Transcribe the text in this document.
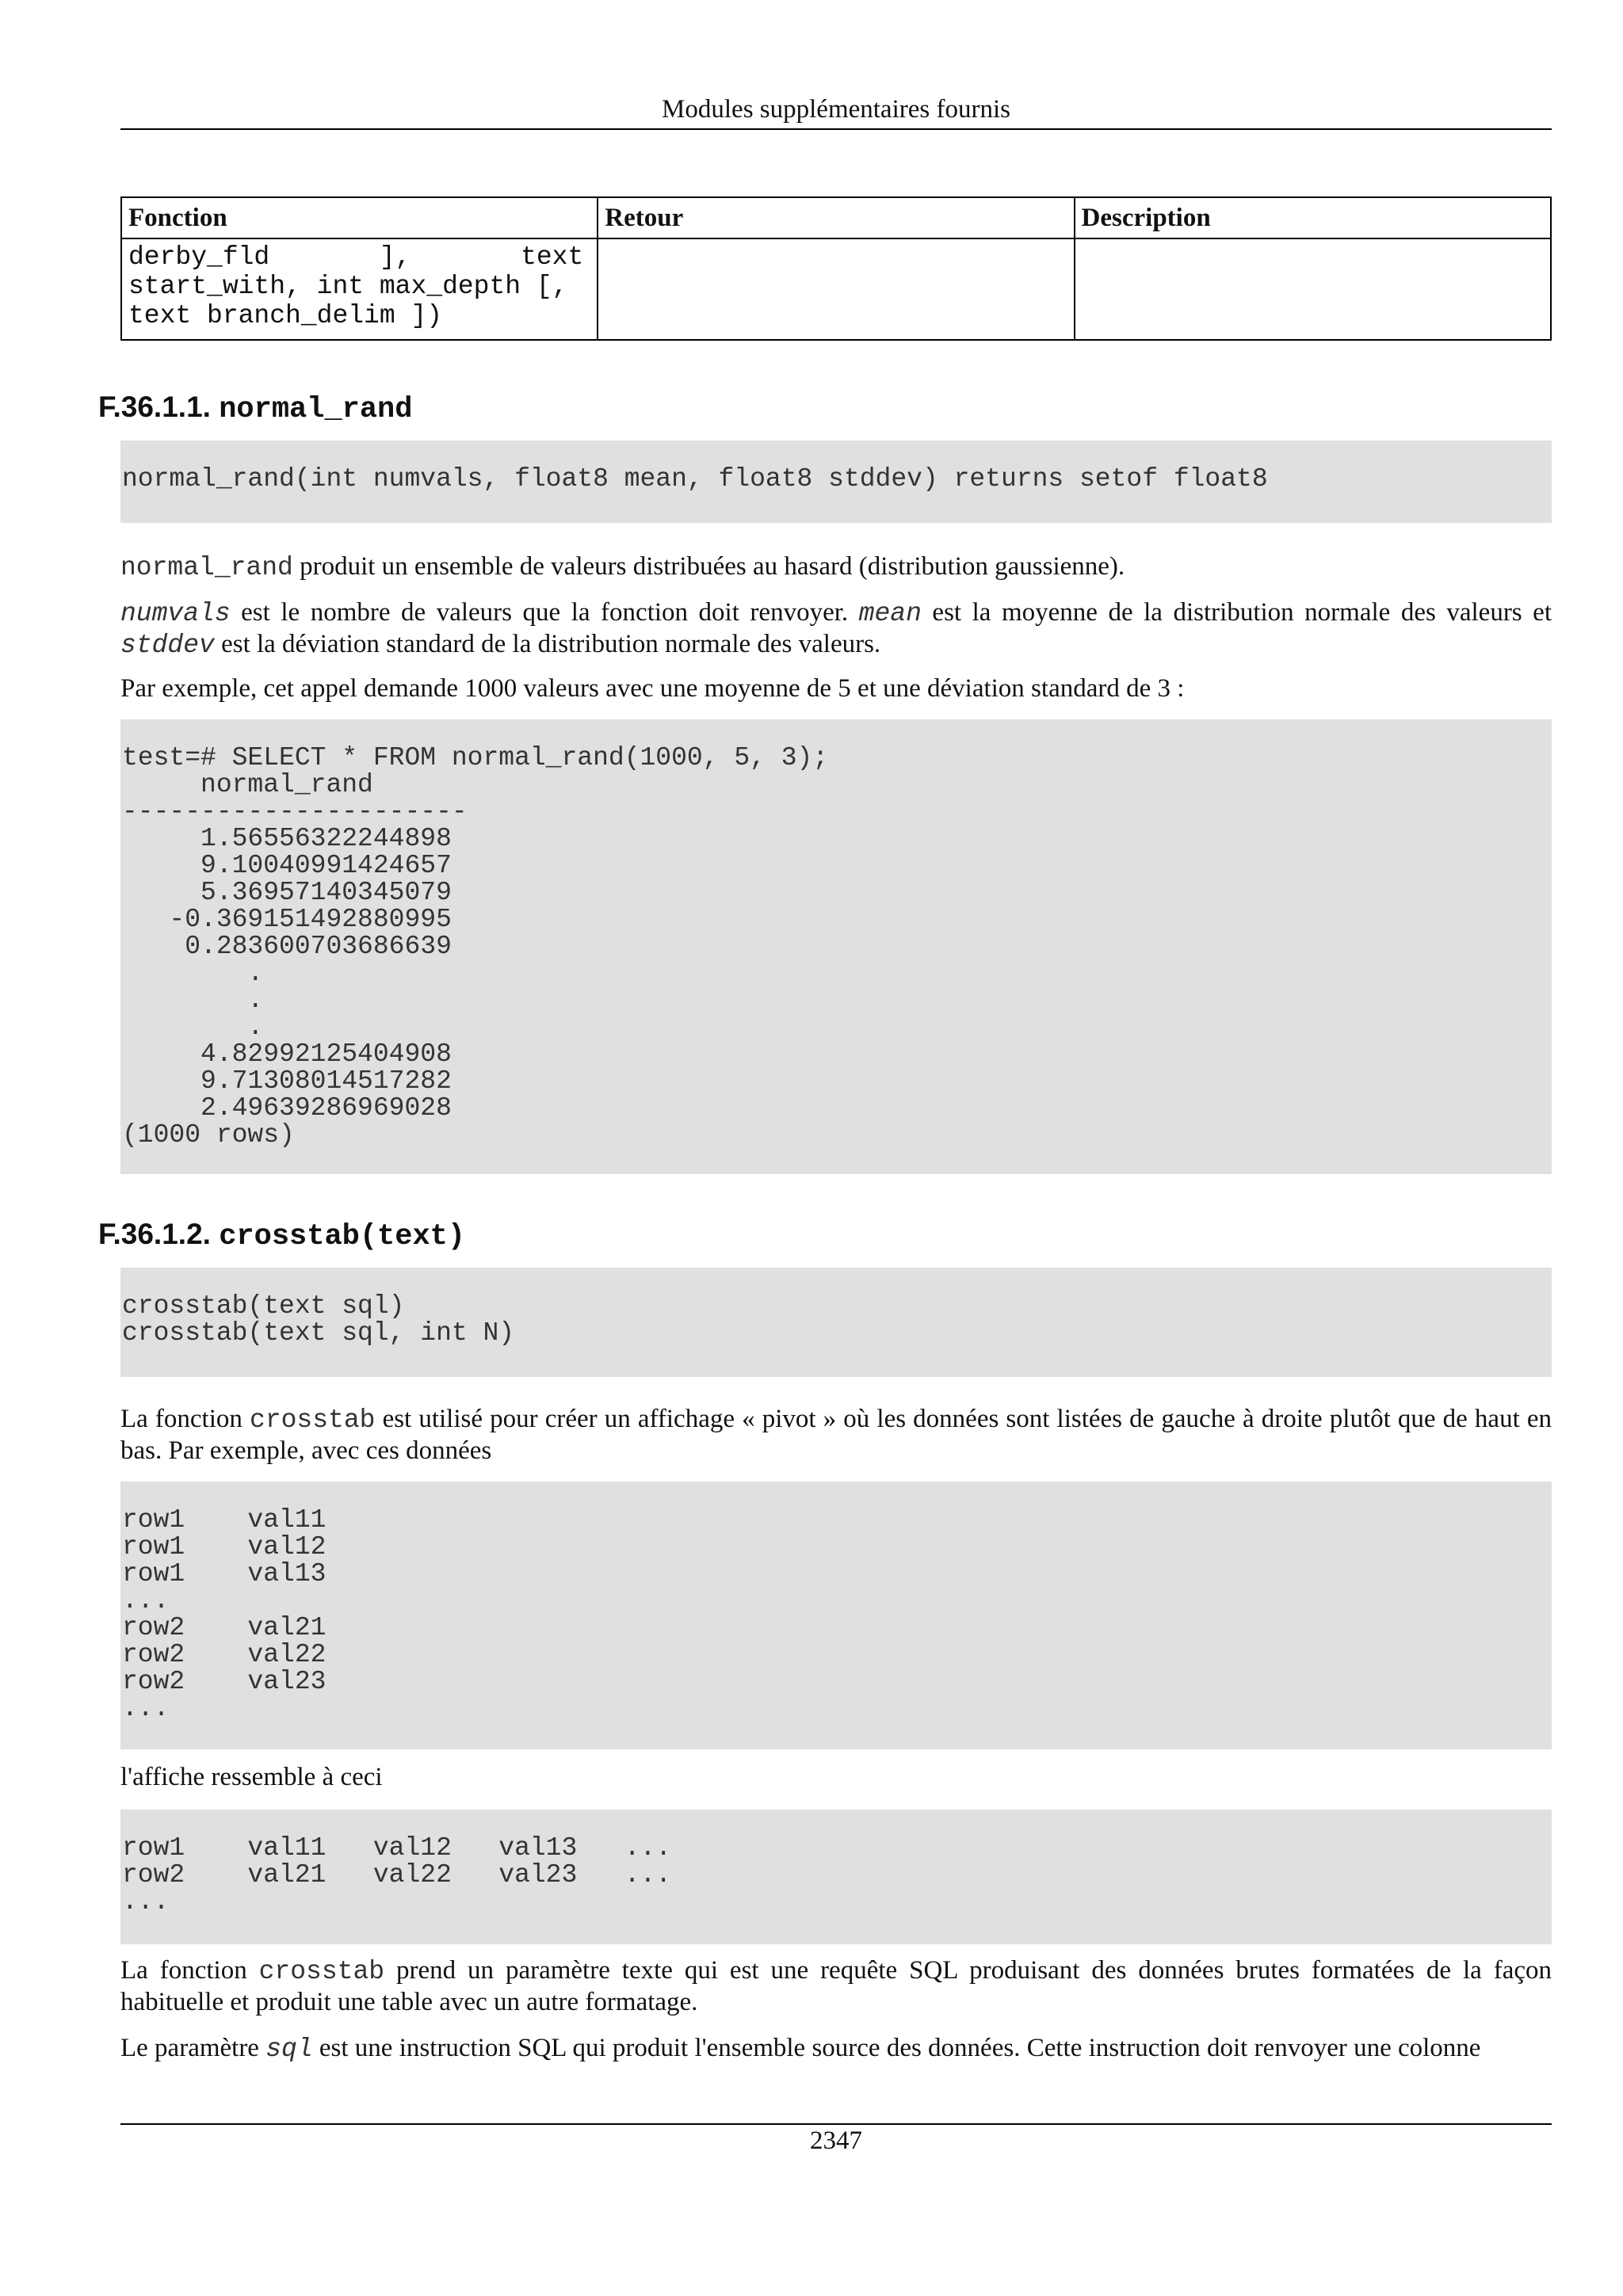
Modules supplémentaires fournis
Fonction	Retour	Description

derby_fld       ],       text
start_with, int max_depth [,
text branch_delim ])		

F.36.1.1. normal_rand
normal_rand(int numvals, float8 mean, float8 stddev) returns setof float8

normal_rand produit un ensemble de valeurs distribuées au hasard (distribution gaussienne).

numvals est le nombre de valeurs que la fonction doit renvoyer. mean est la moyenne de la distribution normale des valeurs et stddev est la déviation standard de la distribution normale des valeurs.

Par exemple, cet appel demande 1000 valeurs avec une moyenne de 5 et une déviation standard de 3 :

test=# SELECT * FROM normal_rand(1000, 5, 3);
normal_rand
----------------------
1.56556322244898
9.10040991424657
5.36957140345079
-0.369151492880995
0.283600703686639
.
.
.
4.82992125404908
9.71308014517282
2.49639286969028
(1000 rows)
F.36.1.2. crosstab(text)
crosstab(text sql)
crosstab(text sql, int N)

La fonction crosstab est utilisé pour créer un affichage « pivot » où les données sont listées de gauche à droite plutôt que de haut en bas. Par exemple, avec ces données

row1    val11
row1    val12
row1    val13
...
row2    val21
row2    val22
row2    val23
...

l'affiche ressemble à ceci

row1    val11   val12   val13   ...
row2    val21   val22   val23   ...
...

La fonction crosstab prend un paramètre texte qui est une requête SQL produisant des données brutes formatées de la façon habituelle et produit une table avec un autre formatage.

Le paramètre sql est une instruction SQL qui produit l'ensemble source des données. Cette instruction doit renvoyer une colonne

2347
